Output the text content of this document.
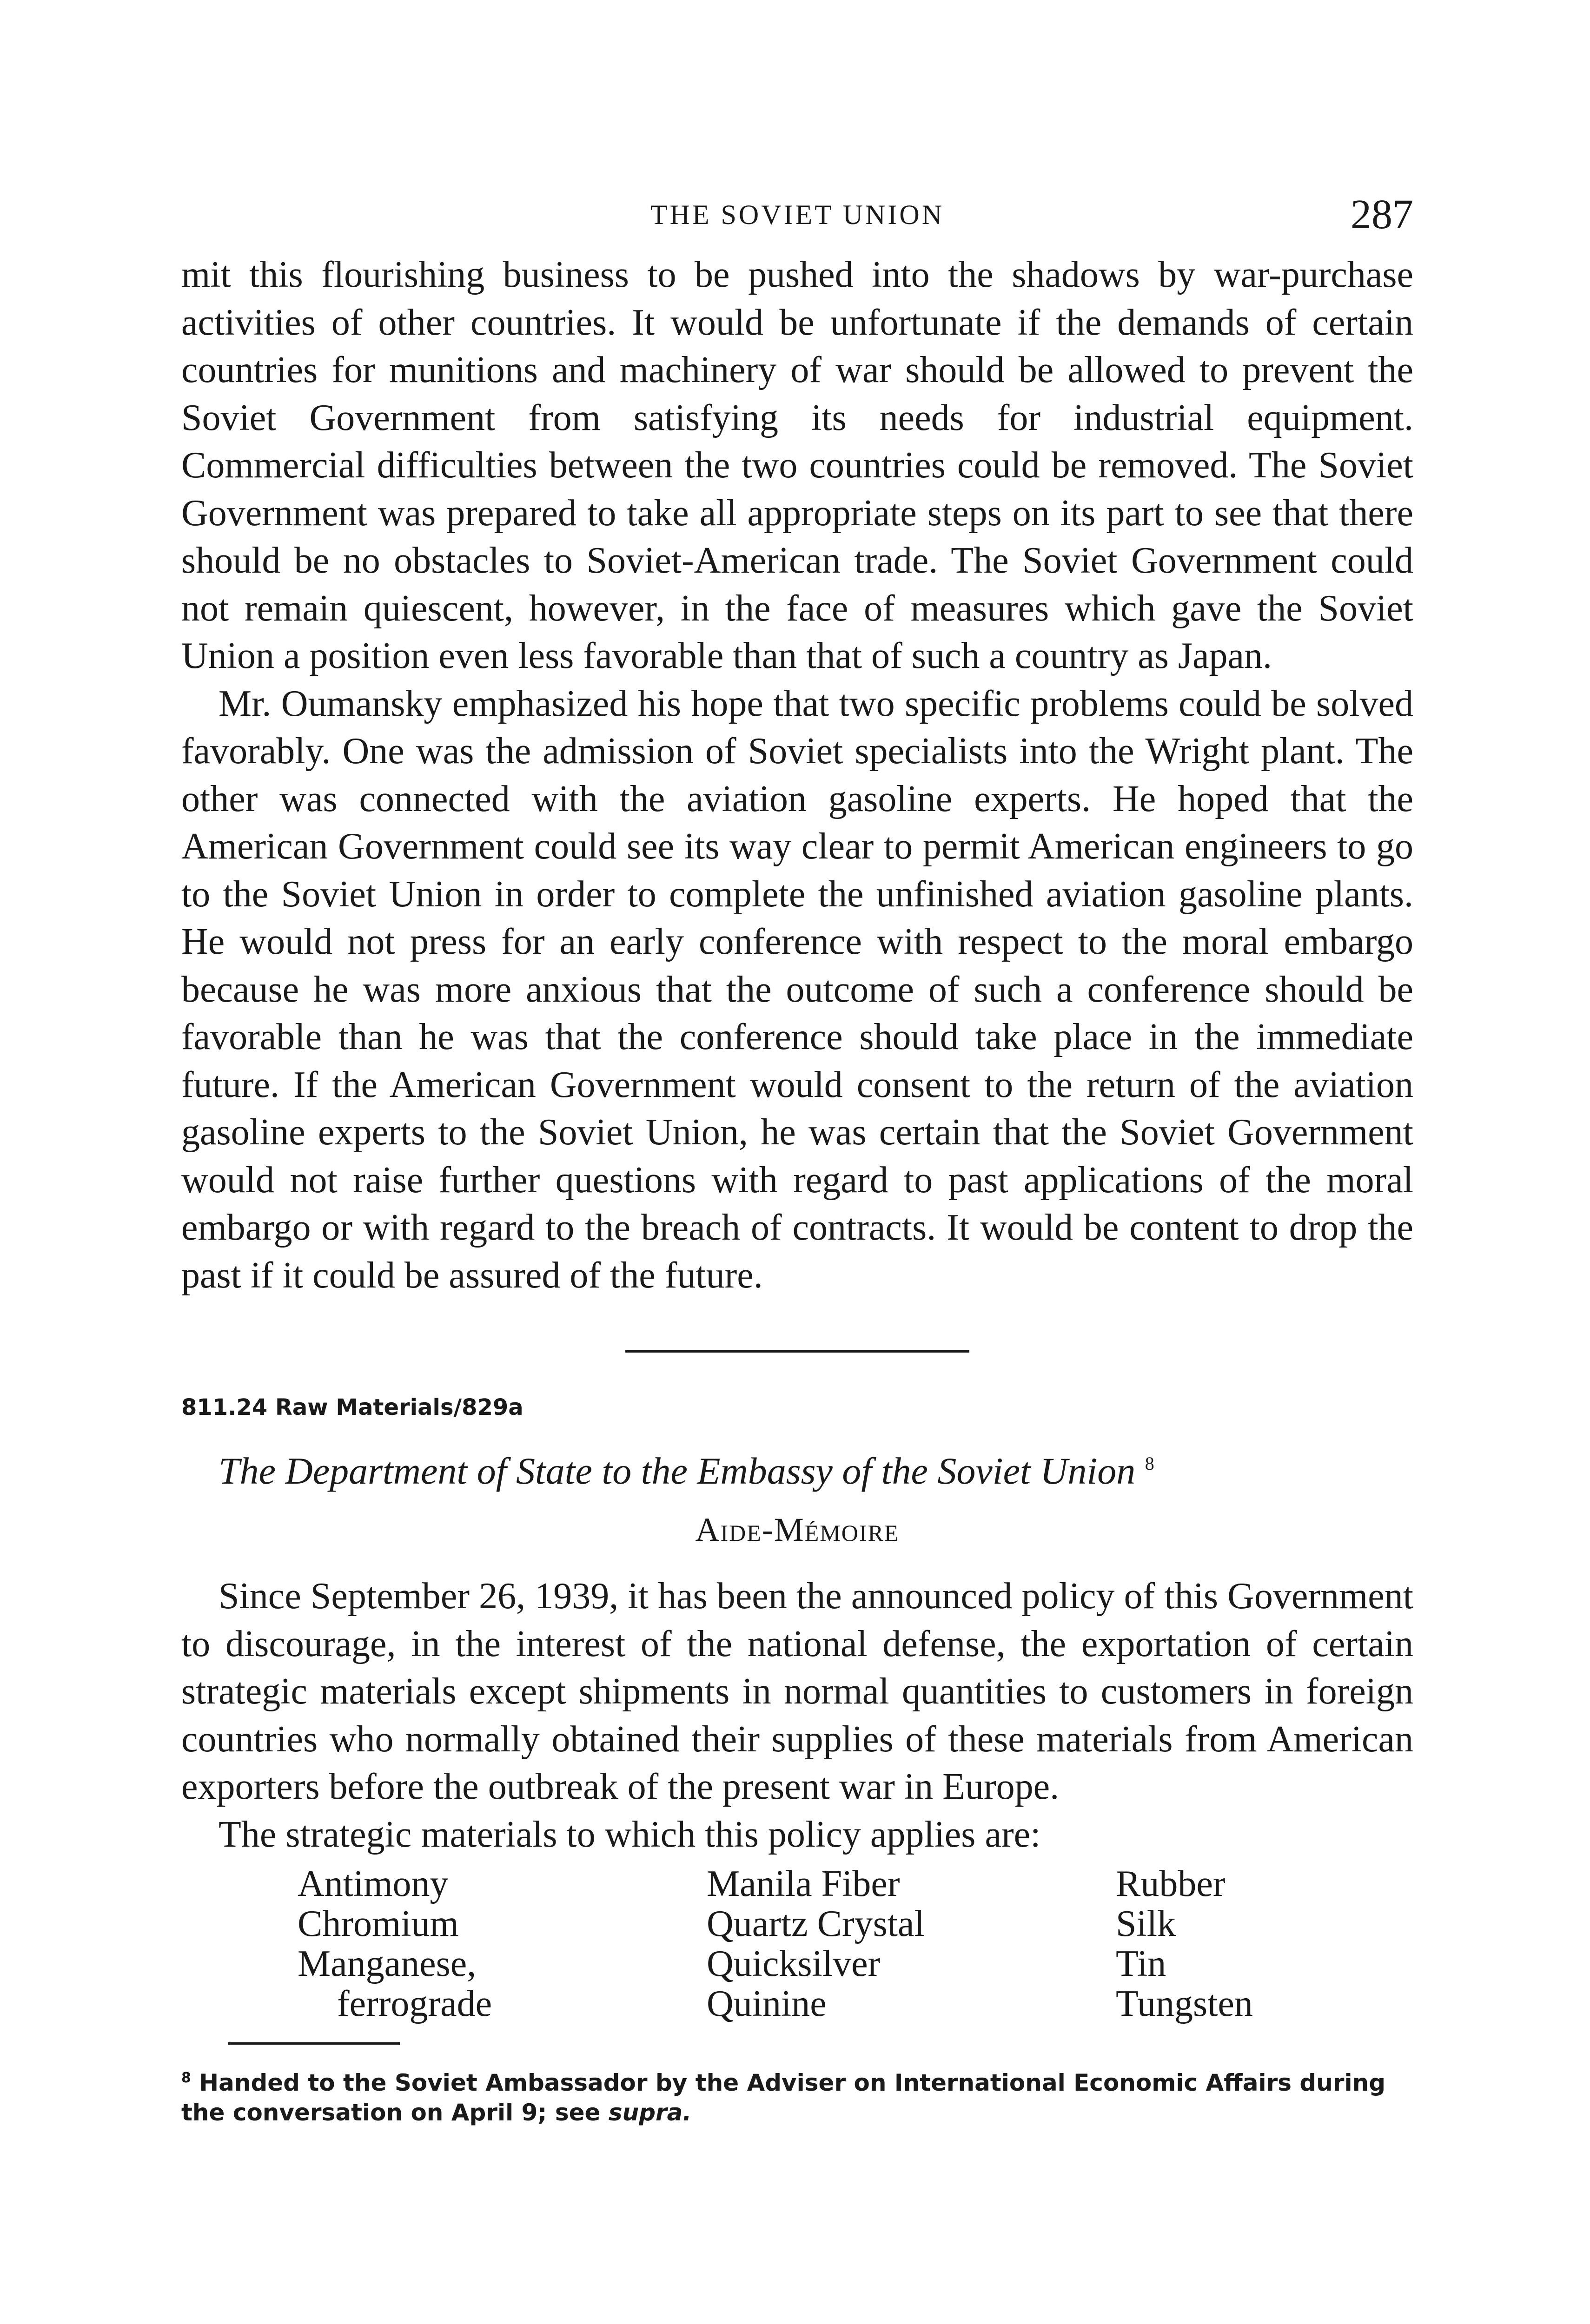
THE SOVIET UNION	287

mit this flourishing business to be pushed into the shadows by war-purchase activities of other countries. It would be unfortunate if the demands of certain countries for munitions and machinery of war should be allowed to prevent the Soviet Government from satisfying its needs for industrial equipment. Commercial difficulties between the two countries could be removed. The Soviet Government was prepared to take all appropriate steps on its part to see that there should be no obstacles to Soviet-American trade. The Soviet Government could not remain quiescent, however, in the face of measures which gave the Soviet Union a position even less favorable than that of such a country as Japan.

Mr. Oumansky emphasized his hope that two specific problems could be solved favorably. One was the admission of Soviet specialists into the Wright plant. The other was connected with the aviation gasoline experts. He hoped that the American Government could see its way clear to permit American engineers to go to the Soviet Union in order to complete the unfinished aviation gasoline plants. He would not press for an early conference with respect to the moral embargo because he was more anxious that the outcome of such a conference should be favorable than he was that the conference should take place in the immediate future. If the American Government would consent to the return of the aviation gasoline experts to the Soviet Union, he was certain that the Soviet Government would not raise further questions with regard to past applications of the moral embargo or with regard to the breach of contracts. It would be content to drop the past if it could be assured of the future.

811.24 Raw Materials/829a

The Department of State to the Embassy of the Soviet Union $^8$

Aide-Mémoire

Since September 26, 1939, it has been the announced policy of this Government to discourage, in the interest of the national defense, the exportation of certain strategic materials except shipments in normal quantities to customers in foreign countries who normally obtained their supplies of these materials from American exporters before the outbreak of the present war in Europe.

The strategic materials to which this policy applies are:

Antimony
Chromium
Manganese,
ferrograde
Manila Fiber
Quartz Crystal
Quicksilver
Quinine
Rubber
Silk
Tin
Tungsten

$^8$ Handed to the Soviet Ambassador by the Adviser on International Economic Affairs during the conversation on April 9; see supra.
